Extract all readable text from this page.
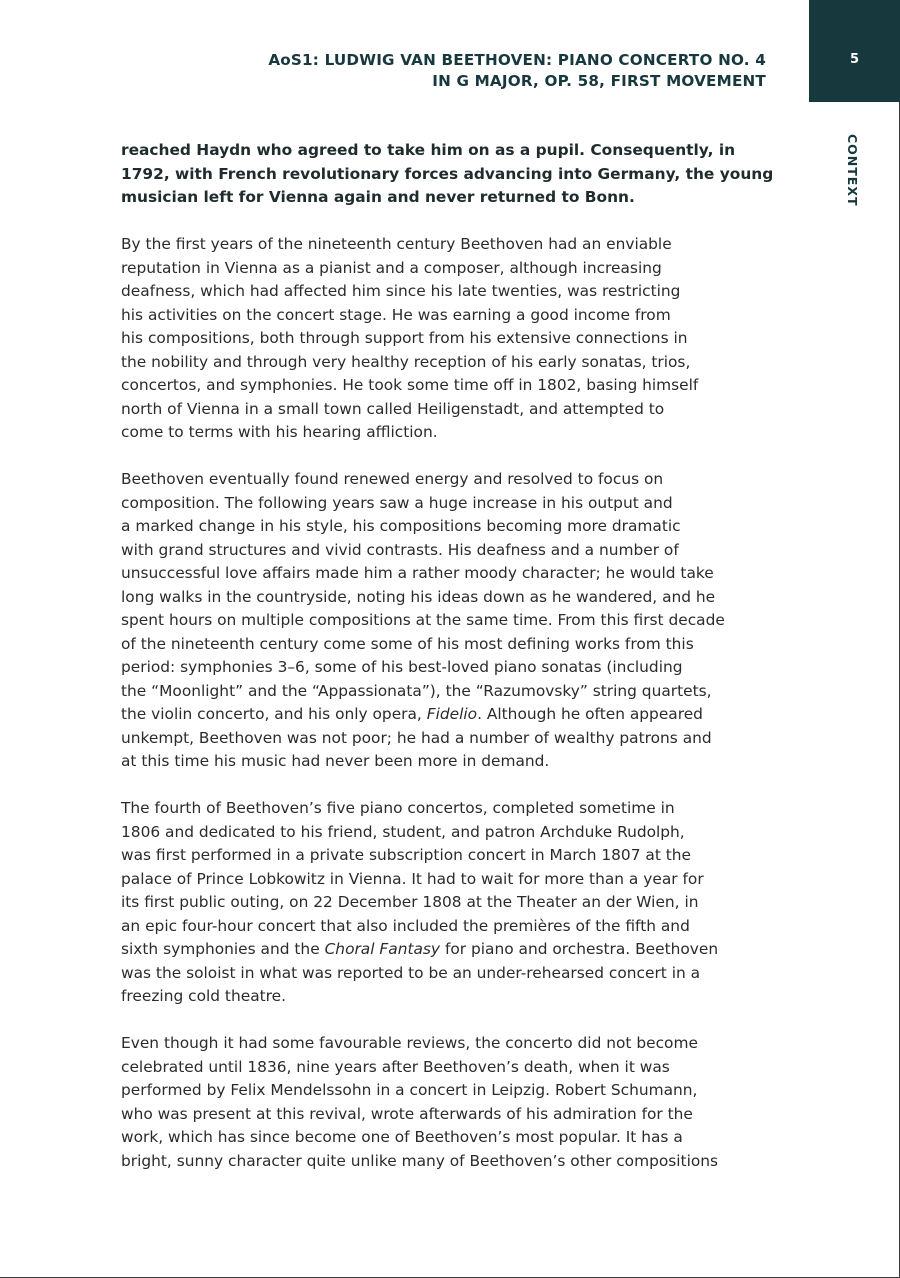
5
AoS1: LUDWIG VAN BEETHOVEN: PIANO CONCERTO NO. 4
IN G MAJOR, OP. 58, FIRST MOVEMENT
CONTEXT
reached Haydn who agreed to take him on as a pupil. Consequently, in
1792, with French revolutionary forces advancing into Germany, the young
musician left for Vienna again and never returned to Bonn.
By the first years of the nineteenth century Beethoven had an enviable
reputation in Vienna as a pianist and a composer, although increasing
deafness, which had affected him since his late twenties, was restricting
his activities on the concert stage. He was earning a good income from
his compositions, both through support from his extensive connections in
the nobility and through very healthy reception of his early sonatas, trios,
concertos, and symphonies. He took some time off in 1802, basing himself
north of Vienna in a small town called Heiligenstadt, and attempted to
come to terms with his hearing affliction.
Beethoven eventually found renewed energy and resolved to focus on
composition. The following years saw a huge increase in his output and
a marked change in his style, his compositions becoming more dramatic
with grand structures and vivid contrasts. His deafness and a number of
unsuccessful love affairs made him a rather moody character; he would take
long walks in the countryside, noting his ideas down as he wandered, and he
spent hours on multiple compositions at the same time. From this first decade
of the nineteenth century come some of his most defining works from this
period: symphonies 3–6, some of his best-loved piano sonatas (including
the “Moonlight” and the “Appassionata”), the “Razumovsky” string quartets,
the violin concerto, and his only opera, Fidelio. Although he often appeared
unkempt, Beethoven was not poor; he had a number of wealthy patrons and
at this time his music had never been more in demand.
The fourth of Beethoven’s five piano concertos, completed sometime in
1806 and dedicated to his friend, student, and patron Archduke Rudolph,
was first performed in a private subscription concert in March 1807 at the
palace of Prince Lobkowitz in Vienna. It had to wait for more than a year for
its first public outing, on 22 December 1808 at the Theater an der Wien, in
an epic four-hour concert that also included the premières of the fifth and
sixth symphonies and the Choral Fantasy for piano and orchestra. Beethoven
was the soloist in what was reported to be an under-rehearsed concert in a
freezing cold theatre.
Even though it had some favourable reviews, the concerto did not become
celebrated until 1836, nine years after Beethoven’s death, when it was
performed by Felix Mendelssohn in a concert in Leipzig. Robert Schumann,
who was present at this revival, wrote afterwards of his admiration for the
work, which has since become one of Beethoven’s most popular. It has a
bright, sunny character quite unlike many of Beethoven’s other compositions
